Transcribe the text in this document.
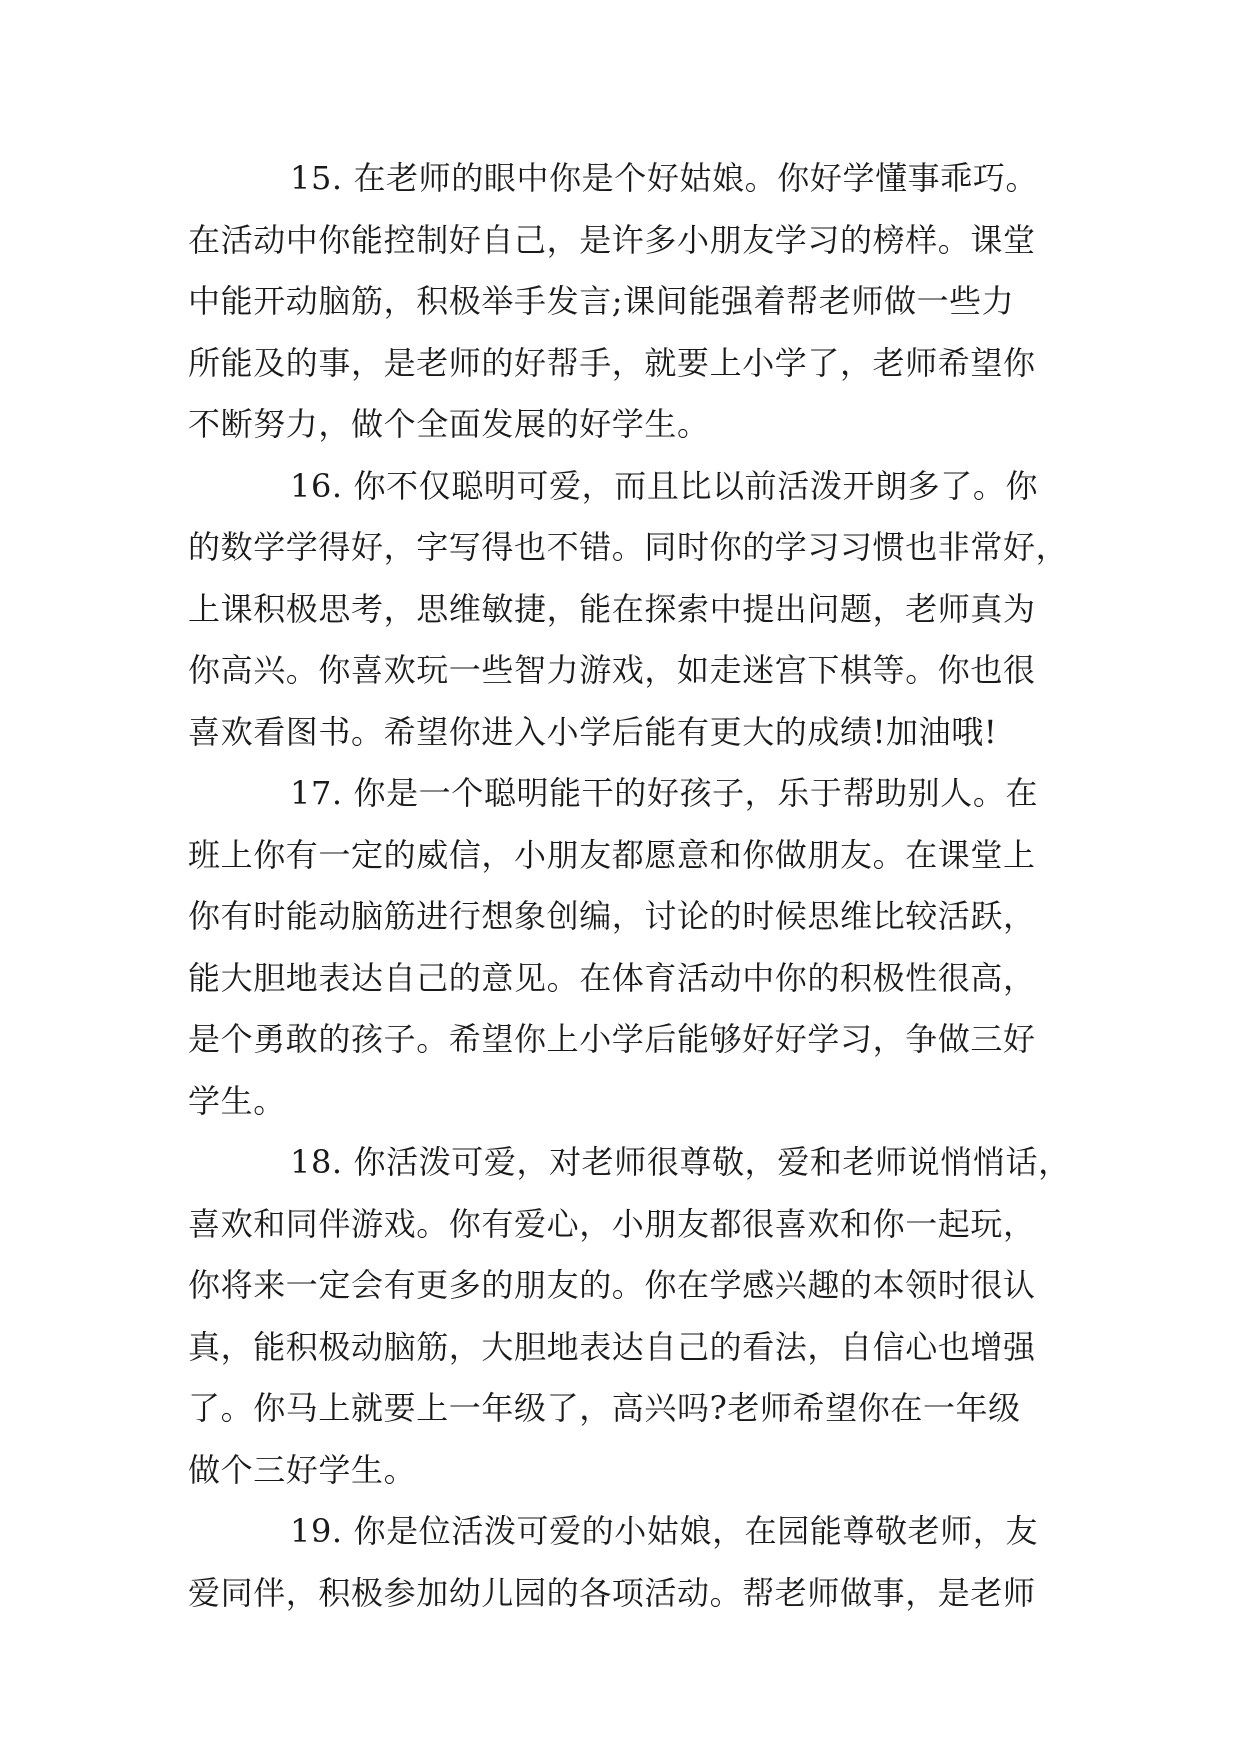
15. 在老师的眼中你是个好姑娘。你好学懂事乖巧。
在活动中你能控制好自己，是许多小朋友学习的榜样。课堂
中能开动脑筋，积极举手发言;课间能强着帮老师做一些力
所能及的事，是老师的好帮手，就要上小学了，老师希望你
不断努力，做个全面发展的好学生。

16. 你不仅聪明可爱，而且比以前活泼开朗多了。你
的数学学得好，字写得也不错。同时你的学习习惯也非常好，
上课积极思考，思维敏捷，能在探索中提出问题，老师真为
你高兴。你喜欢玩一些智力游戏，如走迷宫下棋等。你也很
喜欢看图书。希望你进入小学后能有更大的成绩!加油哦!

17. 你是一个聪明能干的好孩子，乐于帮助别人。在
班上你有一定的威信，小朋友都愿意和你做朋友。在课堂上
你有时能动脑筋进行想象创编，讨论的时候思维比较活跃，
能大胆地表达自己的意见。在体育活动中你的积极性很高，
是个勇敢的孩子。希望你上小学后能够好好学习，争做三好
学生。

18. 你活泼可爱，对老师很尊敬，爱和老师说悄悄话，
喜欢和同伴游戏。你有爱心，小朋友都很喜欢和你一起玩，
你将来一定会有更多的朋友的。你在学感兴趣的本领时很认
真，能积极动脑筋，大胆地表达自己的看法，自信心也增强
了。你马上就要上一年级了，高兴吗?老师希望你在一年级
做个三好学生。

19. 你是位活泼可爱的小姑娘，在园能尊敬老师，友
爱同伴，积极参加幼儿园的各项活动。帮老师做事，是老师
